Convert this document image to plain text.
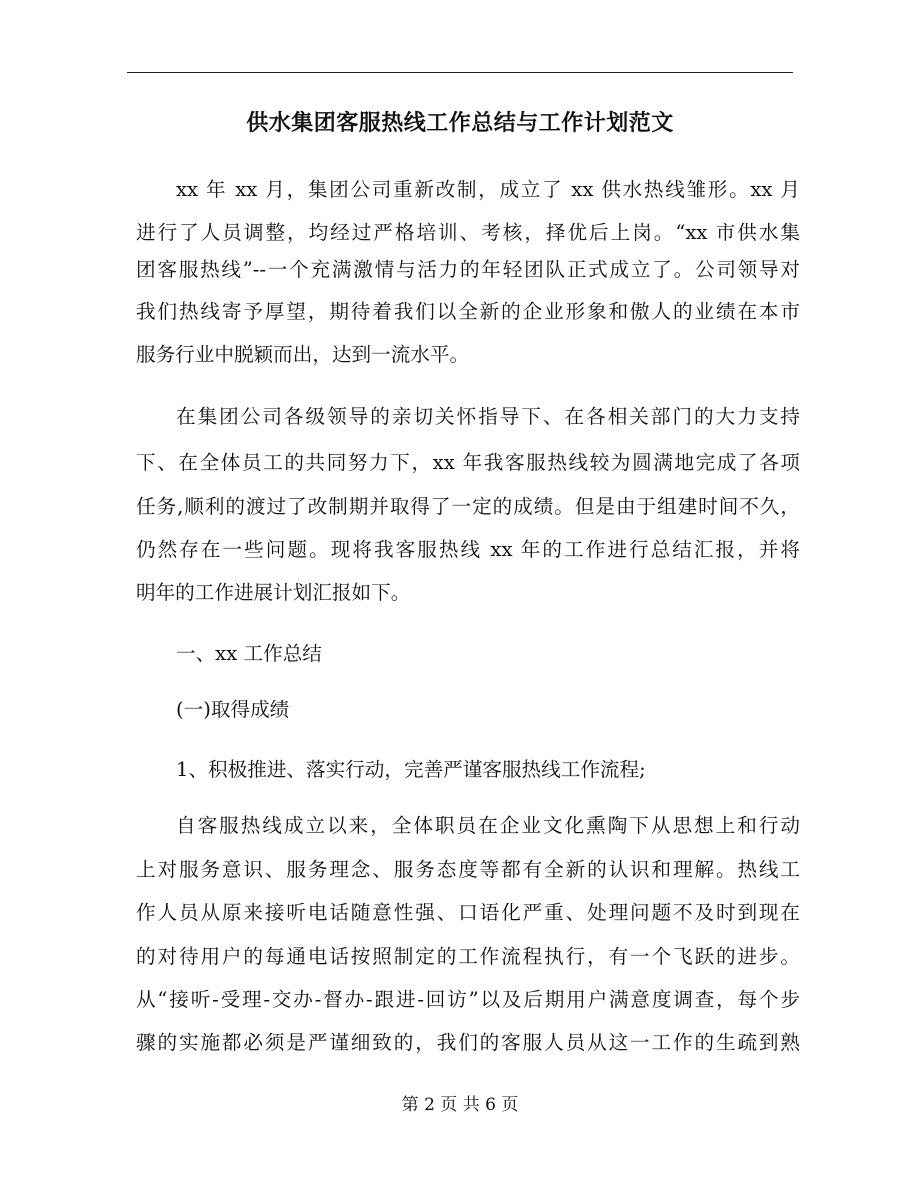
供水集团客服热线工作总结与工作计划范文
xx 年 xx 月，集团公司重新改制，成立了 xx 供水热线雏形。xx 月
进行了人员调整，均经过严格培训、考核，择优后上岗。“xx 市供水集
团客服热线”--一个充满激情与活力的年轻团队正式成立了。公司领导对
我们热线寄予厚望，期待着我们以全新的企业形象和傲人的业绩在本市
服务行业中脱颖而出，达到一流水平。
在集团公司各级领导的亲切关怀指导下、在各相关部门的大力支持
下、在全体员工的共同努力下，xx 年我客服热线较为圆满地完成了各项
任务,顺利的渡过了改制期并取得了一定的成绩。但是由于组建时间不久，
仍然存在一些问题。现将我客服热线 xx 年的工作进行总结汇报，并将
明年的工作进展计划汇报如下。
一、xx 工作总结
(一)取得成绩
1、积极推进、落实行动，完善严谨客服热线工作流程;
自客服热线成立以来，全体职员在企业文化熏陶下从思想上和行动
上对服务意识、服务理念、服务态度等都有全新的认识和理解。热线工
作人员从原来接听电话随意性强、口语化严重、处理问题不及时到现在
的对待用户的每通电话按照制定的工作流程执行，有一个飞跃的进步。
从“接听-受理-交办-督办-跟进-回访”以及后期用户满意度调查，每个步
骤的实施都必须是严谨细致的，我们的客服人员从这一工作的生疏到熟
第 2 页 共 6 页
